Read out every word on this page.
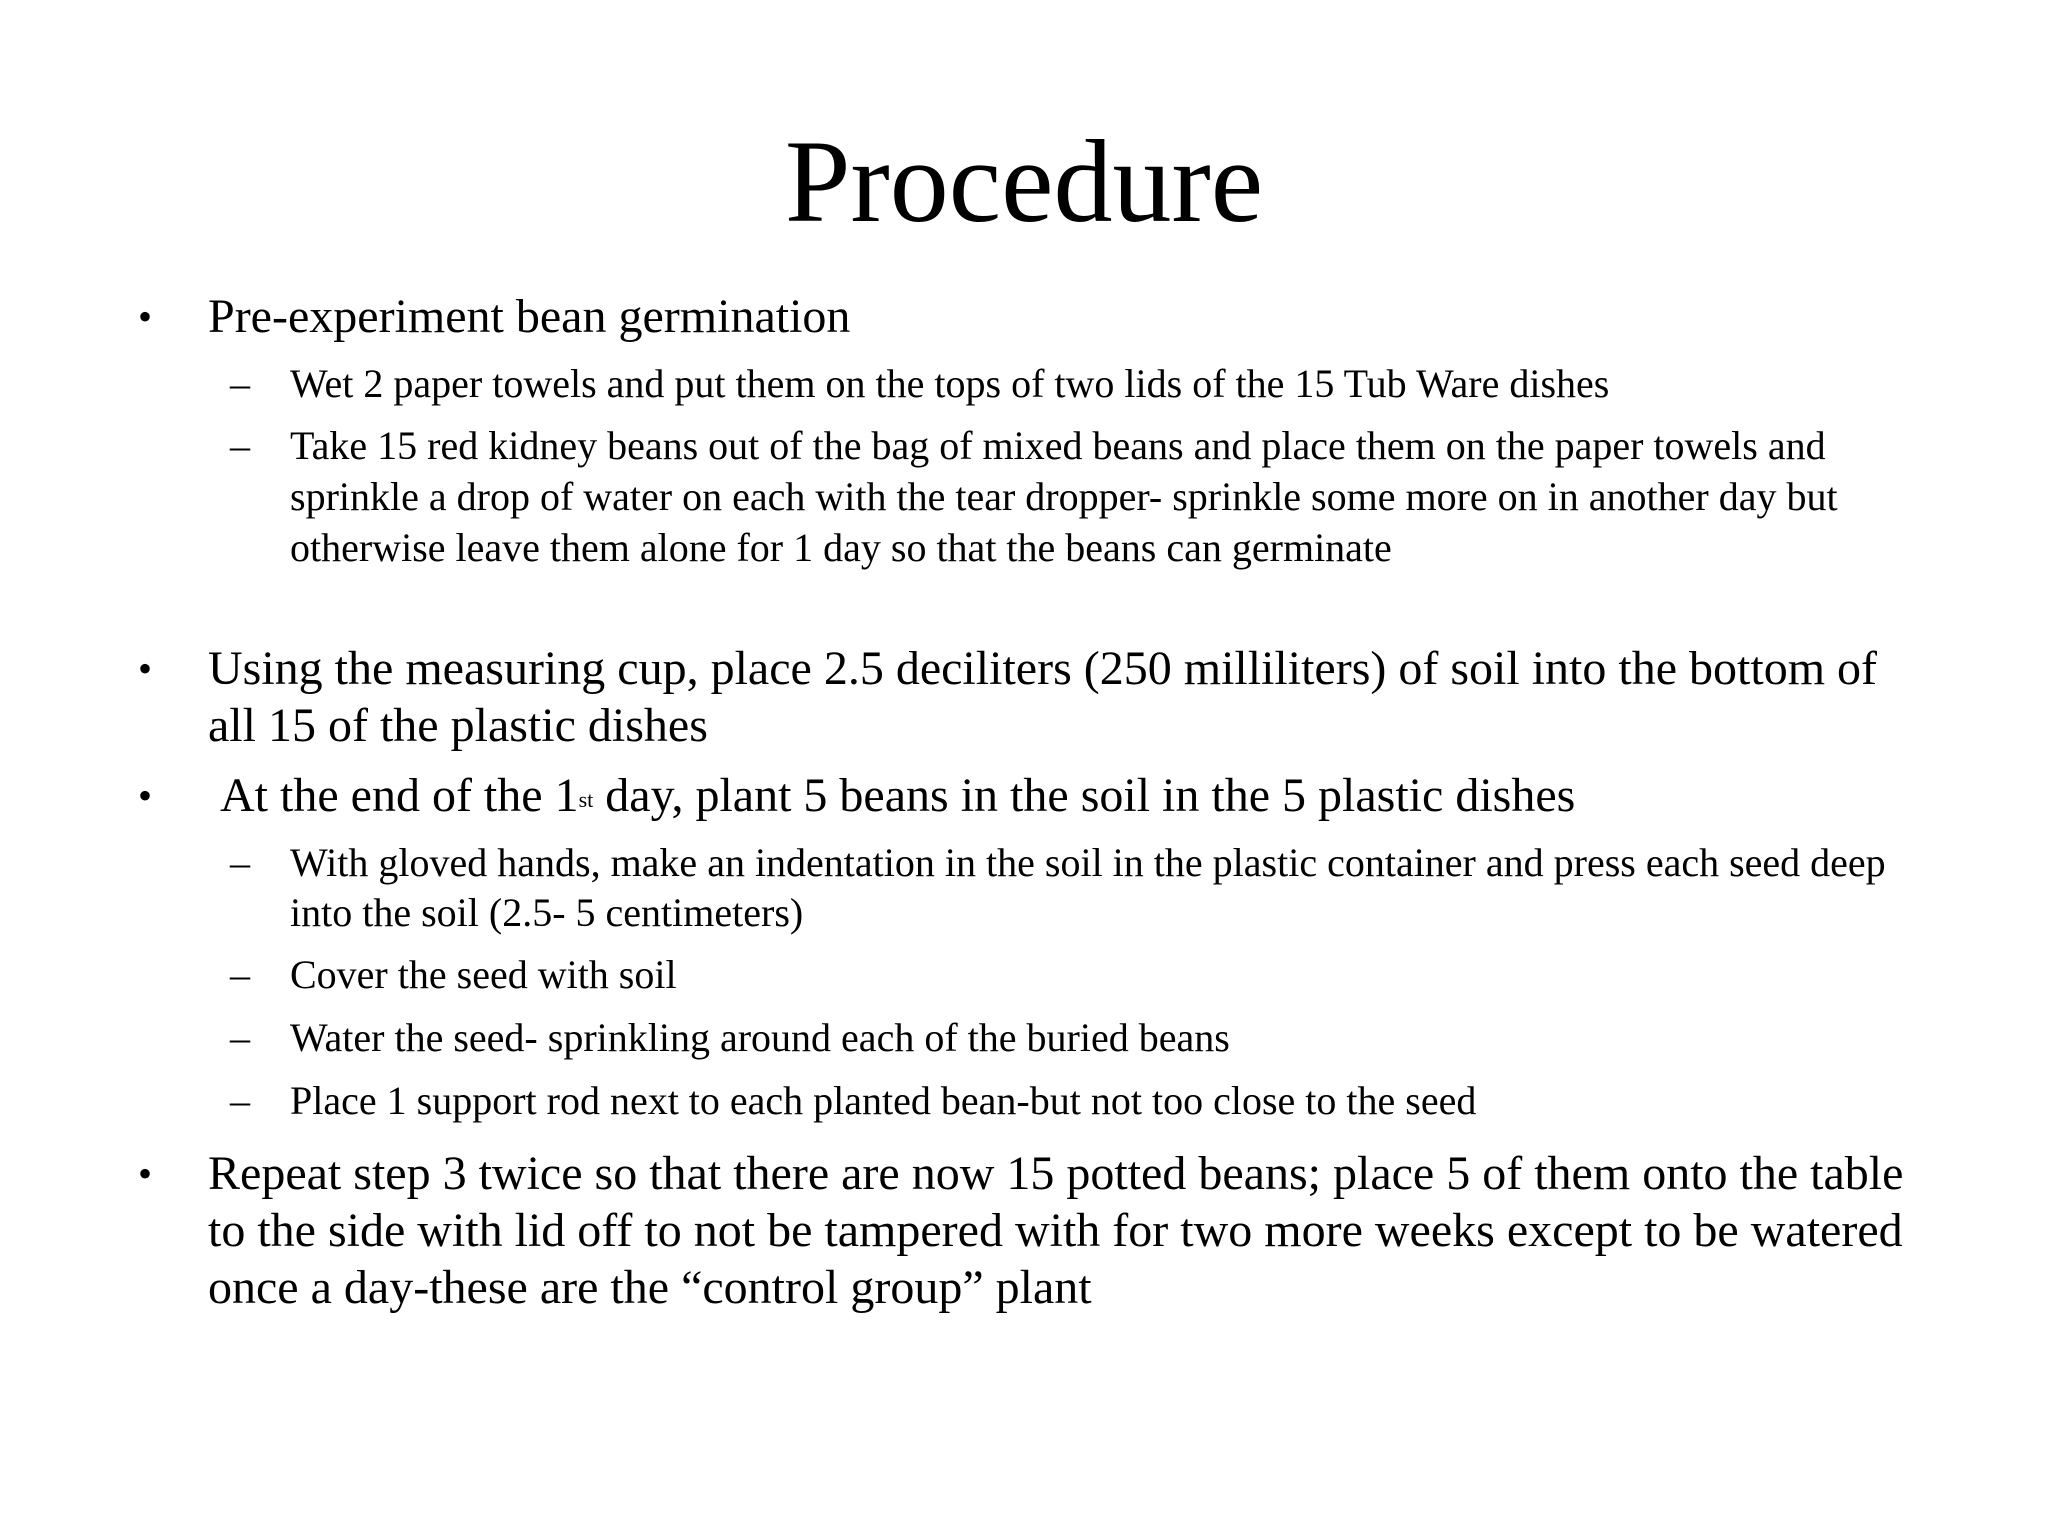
Procedure
• Pre-experiment bean germination
– Wet 2 paper towels and put them on the tops of two lids of the 15 Tub Ware dishes
– Take 15 red kidney beans out of the bag of mixed beans and place them on the paper towels and sprinkle a drop of water on each with the tear dropper- sprinkle some more on in another day but otherwise leave them alone for 1 day so that the beans can germinate
• Using the measuring cup, place 2.5 deciliters (250 milliliters) of soil into the bottom of all 15 of the plastic dishes
• At the end of the 1st day, plant 5 beans in the soil in the 5 plastic dishes
– With gloved hands, make an indentation in the soil in the plastic container and press each seed deep into the soil (2.5- 5 centimeters)
– Cover the seed with soil
– Water the seed- sprinkling around each of the buried beans
– Place 1 support rod next to each planted bean-but not too close to the seed
• Repeat step 3 twice so that there are now 15 potted beans; place 5 of them onto the table to the side with lid off to not be tampered with for two more weeks except to be watered once a day-these are the “control group” plant
